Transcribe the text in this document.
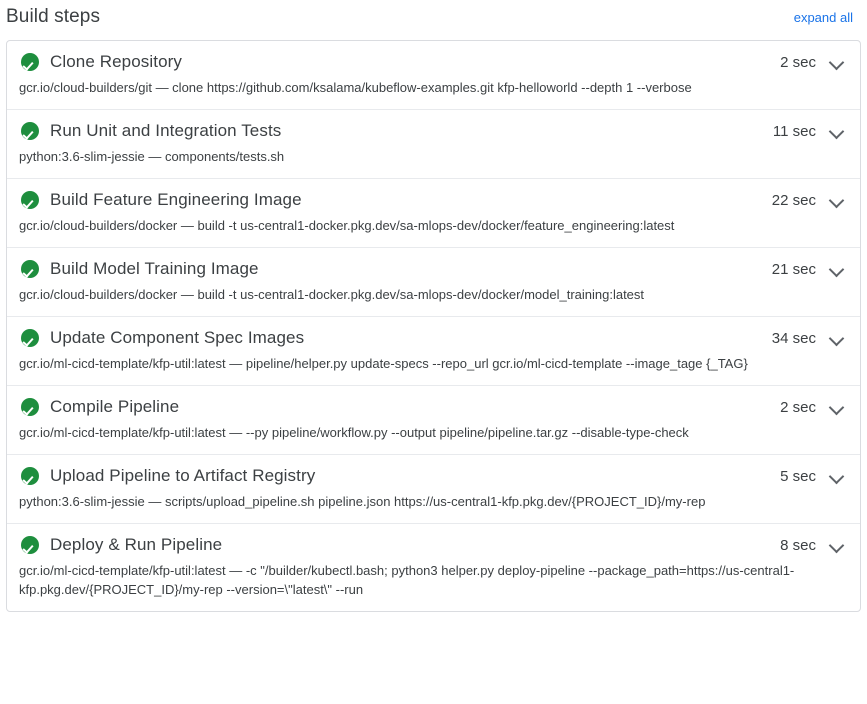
Build steps	expand all
Clone Repository	2 sec
gcr.io/cloud-builders/git — clone https://github.com/ksalama/kubeflow-examples.git kfp-helloworld --depth 1 --verbose
Run Unit and Integration Tests	11 sec
python:3.6-slim-jessie — components/tests.sh
Build Feature Engineering Image	22 sec
gcr.io/cloud-builders/docker — build -t us-central1-docker.pkg.dev/sa-mlops-dev/docker/feature_engineering:latest
Build Model Training Image	21 sec
gcr.io/cloud-builders/docker — build -t us-central1-docker.pkg.dev/sa-mlops-dev/docker/model_training:latest
Update Component Spec Images	34 sec
gcr.io/ml-cicd-template/kfp-util:latest — pipeline/helper.py update-specs --repo_url gcr.io/ml-cicd-template --image_tage {_TAG}
Compile Pipeline	2 sec
gcr.io/ml-cicd-template/kfp-util:latest — --py pipeline/workflow.py --output pipeline/pipeline.tar.gz --disable-type-check
Upload Pipeline to Artifact Registry	5 sec
python:3.6-slim-jessie — scripts/upload_pipeline.sh pipeline.json https://us-central1-kfp.pkg.dev/{PROJECT_ID}/my-rep
Deploy & Run Pipeline	8 sec
gcr.io/ml-cicd-template/kfp-util:latest — -c "/builder/kubectl.bash; python3 helper.py deploy-pipeline --package_path=https://us-central1-kfp.pkg.dev/{PROJECT_ID}/my-rep --version=\"latest\" --run
